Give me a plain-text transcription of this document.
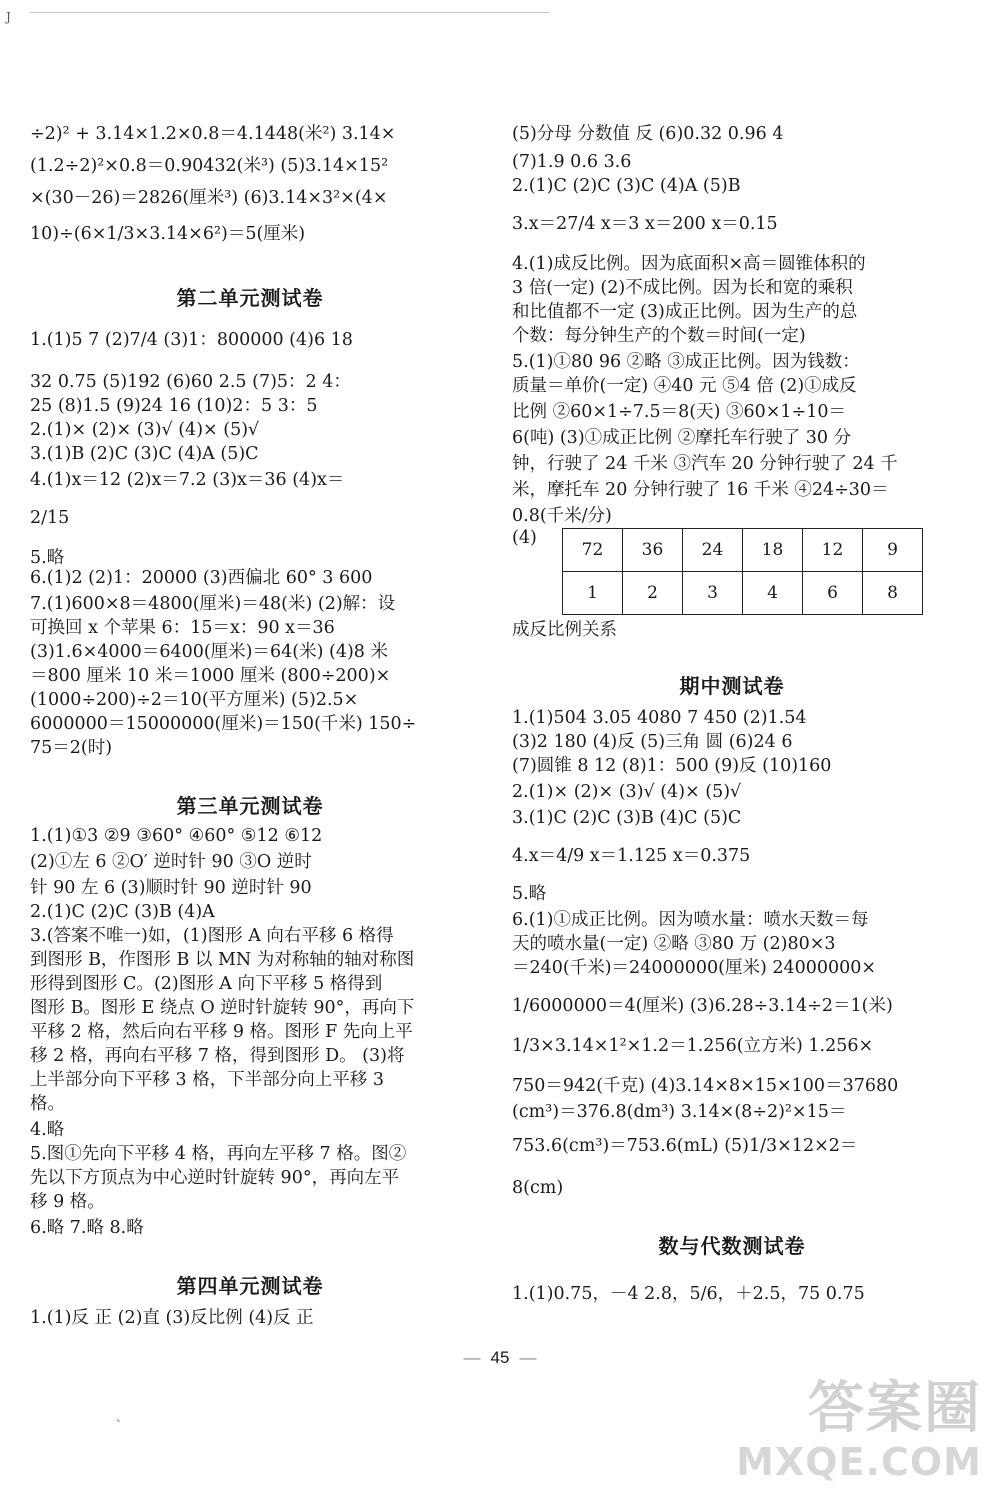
J
、
÷2)² + 3.14×1.2×0.8＝4.1448(米²) 3.14×
(1.2÷2)²×0.8＝0.90432(米³) (5)3.14×15²
×(30－26)＝2826(厘米³) (6)3.14×3²×(4×
10)÷(6×1/3×3.14×6²)＝5(厘米)
第二单元测试卷
1.(1)5 7 (2)7/4 (3)1：800000 (4)6 18
32 0.75 (5)192 (6)60 2.5 (7)5：2 4：
25 (8)1.5 (9)24 16 (10)2：5 3：5
2.(1)× (2)× (3)√ (4)× (5)√
3.(1)B (2)C (3)C (4)A (5)C
4.(1)x＝12 (2)x＝7.2 (3)x＝36 (4)x＝
2/15
5.略
6.(1)2 (2)1：20000 (3)西偏北 60° 3 600
7.(1)600×8＝4800(厘米)＝48(米) (2)解：设
可换回 x 个苹果 6：15＝x：90 x＝36
(3)1.6×4000＝6400(厘米)＝64(米) (4)8 米
＝800 厘米 10 米＝1000 厘米 (800÷200)×
(1000÷200)÷2＝10(平方厘米) (5)2.5×
6000000＝15000000(厘米)＝150(千米) 150÷
75＝2(时)
第三单元测试卷
1.(1)①3 ②9 ③60° ④60° ⑤12 ⑥12
(2)①左 6 ②O′ 逆时针 90 ③O 逆时
针 90 左 6 (3)顺时针 90 逆时针 90
2.(1)C (2)C (3)B (4)A
3.(答案不唯一)如，(1)图形 A 向右平移 6 格得
到图形 B，作图形 B 以 MN 为对称轴的轴对称图
形得到图形 C。(2)图形 A 向下平移 5 格得到
图形 B。图形 E 绕点 O 逆时针旋转 90°，再向下
平移 2 格，然后向右平移 9 格。图形 F 先向上平
移 2 格，再向右平移 7 格，得到图形 D。 (3)将
上半部分向下平移 3 格，下半部分向上平移 3
格。
4.略
5.图①先向下平移 4 格，再向左平移 7 格。图②
先以下方顶点为中心逆时针旋转 90°，再向左平
移 9 格。
6.略 7.略 8.略
第四单元测试卷
1.(1)反 正 (2)直 (3)反比例 (4)反 正
(5)分母 分数值 反 (6)0.32 0.96 4
(7)1.9 0.6 3.6
2.(1)C (2)C (3)C (4)A (5)B
3.x＝27/4 x＝3 x＝200 x＝0.15
4.(1)成反比例。因为底面积×高＝圆锥体积的
3 倍(一定) (2)不成比例。因为长和宽的乘积
和比值都不一定 (3)成正比例。因为生产的总
个数：每分钟生产的个数＝时间(一定)
5.(1)①80 96 ②略 ③成正比例。因为钱数：
质量＝单价(一定) ④40 元 ⑤4 倍 (2)①成反
比例 ②60×1÷7.5＝8(天) ③60×1÷10＝
6(吨) (3)①成正比例 ②摩托车行驶了 30 分
钟，行驶了 24 千米 ③汽车 20 分钟行驶了 24 千
米，摩托车 20 分钟行驶了 16 千米 ④24÷30＝
0.8(千米/分)
(4)
72	36	24	18	12	9
1	2	3	4	6	8
成反比例关系
期中测试卷
1.(1)504 3.05 4080 7 450 (2)1.54
(3)2 180 (4)反 (5)三角 圆 (6)24 6
(7)圆锥 8 12 (8)1：500 (9)反 (10)160
2.(1)× (2)× (3)√ (4)× (5)√
3.(1)C (2)C (3)B (4)C (5)C
4.x＝4/9 x＝1.125 x＝0.375
5.略
6.(1)①成正比例。因为喷水量：喷水天数＝每
天的喷水量(一定) ②略 ③80 万 (2)80×3
＝240(千米)＝24000000(厘米) 24000000×
1/6000000＝4(厘米) (3)6.28÷3.14÷2＝1(米)
1/3×3.14×1²×1.2＝1.256(立方米) 1.256×
750＝942(千克) (4)3.14×8×15×100＝37680
(cm³)＝376.8(dm³) 3.14×(8÷2)²×15＝
753.6(cm³)＝753.6(mL) (5)1/3×12×2＝
8(cm)
数与代数测试卷
1.(1)0.75，－4 2.8，5/6，＋2.5，75 0.75
— 45 —
答案圈
MXQE.COM
